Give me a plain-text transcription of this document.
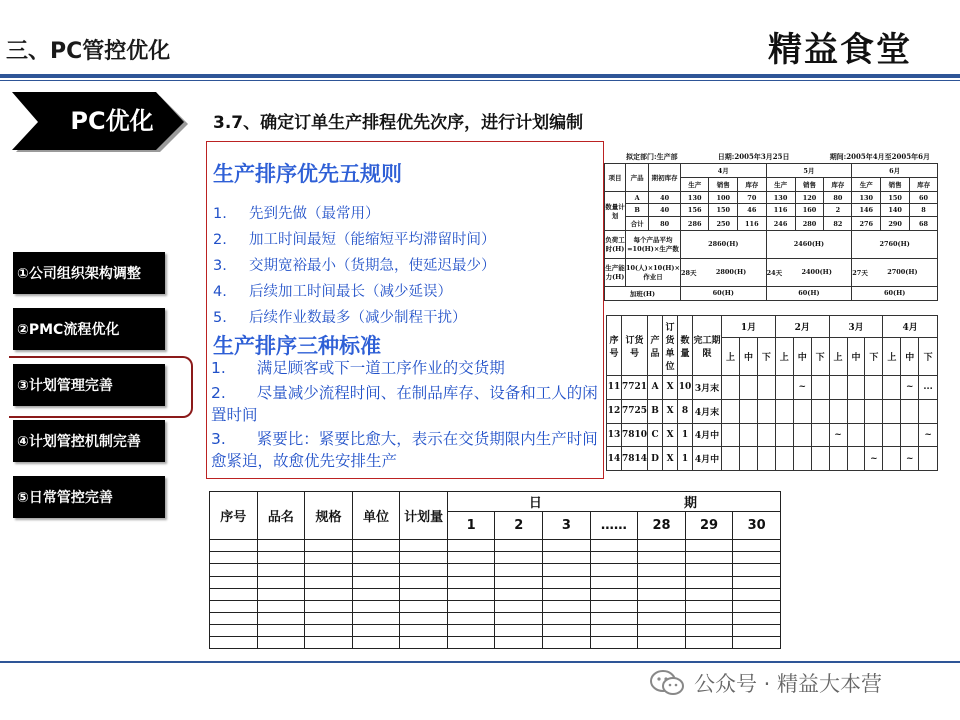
三、PC管控优化	精益食堂
PC优化	3.7、确定订单生产排程优先次序，进行计划编制
①公司组织架构调整
②PMC流程优化
③计划管理完善
④计划管控机制完善
⑤日常管控完善
生产排序优先五规则
1. 先到先做（最常用）
2. 加工时间最短（能缩短平均滞留时间）
3. 交期宽裕最小（货期急，使延迟最少）
4. 后续加工时间最长（减少延误）
5. 后续作业数最多（减少制程干扰）
生产排序三种标准
1.　　满足顾客或下一道工序作业的交货期
2.　　尽量减少流程时间、在制品库存、设备和工人的闲置时间
3.　　紧要比：紧要比愈大，表示在交货期限内生产时间愈紧迫，故愈优先安排生产
拟定部门:生产部	日期:2005年3月25日	期间:2005年4月至2005年6月
项目	产品	期初库存	4月			5月			6月		
			生产	销售	库存	生产	销售	库存	生产	销售	库存
数量计划	A	40	130	100	70	130	120	80	130	150	60
	B	40	156	150	46	116	160	2	146	140	8
	合计	80	286	250	116	246	280	82	276	290	68
负荷工时(H)	每个产品平均=10(H)×生产数		2860(H)			2460(H)			2760(H)		
生产能力(H)	10(人)×10(H)×作业日		28天 2800(H)			24天 2400(H)			27天 2700(H)		
加班(H)			60(H)			60(H)			60(H)		
序号	订货号	产品	订货单位	数量	完工期限	1月			2月			3月			4月		
						上	中	下	上	中	下	上	中	下	上	中	下
11	7721	A	X	10	3月末					~						~	...
12	7725	B	X	8	4月末												
13	7810	C	X	1	4月中							~					~
14	7814	D	X	1	4月中									~		~	
序号	品名	规格	单位	计划量	日 期						
					1	2	3	……	28	29	30

公众号 · 精益大本营
